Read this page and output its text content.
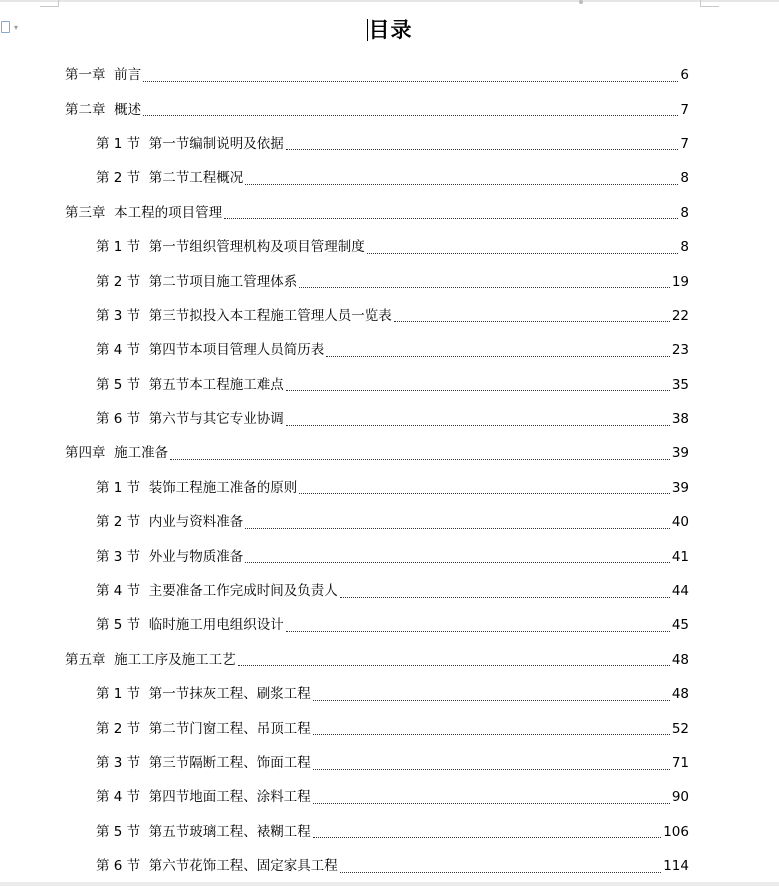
▾	目录
第一章 前言	6
第二章 概述	7
第 1 节 第一节编制说明及依据	7
第 2 节 第二节工程概况	8
第三章 本工程的项目管理	8
第 1 节 第一节组织管理机构及项目管理制度	8
第 2 节 第二节项目施工管理体系	19
第 3 节 第三节拟投入本工程施工管理人员一览表	22
第 4 节 第四节本项目管理人员简历表	23
第 5 节 第五节本工程施工难点	35
第 6 节 第六节与其它专业协调	38
第四章 施工准备	39
第 1 节 装饰工程施工准备的原则	39
第 2 节 内业与资料准备	40
第 3 节 外业与物质准备	41
第 4 节 主要准备工作完成时间及负责人	44
第 5 节 临时施工用电组织设计	45
第五章 施工工序及施工工艺	48
第 1 节 第一节抹灰工程、刷浆工程	48
第 2 节 第二节门窗工程、吊顶工程	52
第 3 节 第三节隔断工程、饰面工程	71
第 4 节 第四节地面工程、涂料工程	90
第 5 节 第五节玻璃工程、裱糊工程	106
第 6 节 第六节花饰工程、固定家具工程	114
